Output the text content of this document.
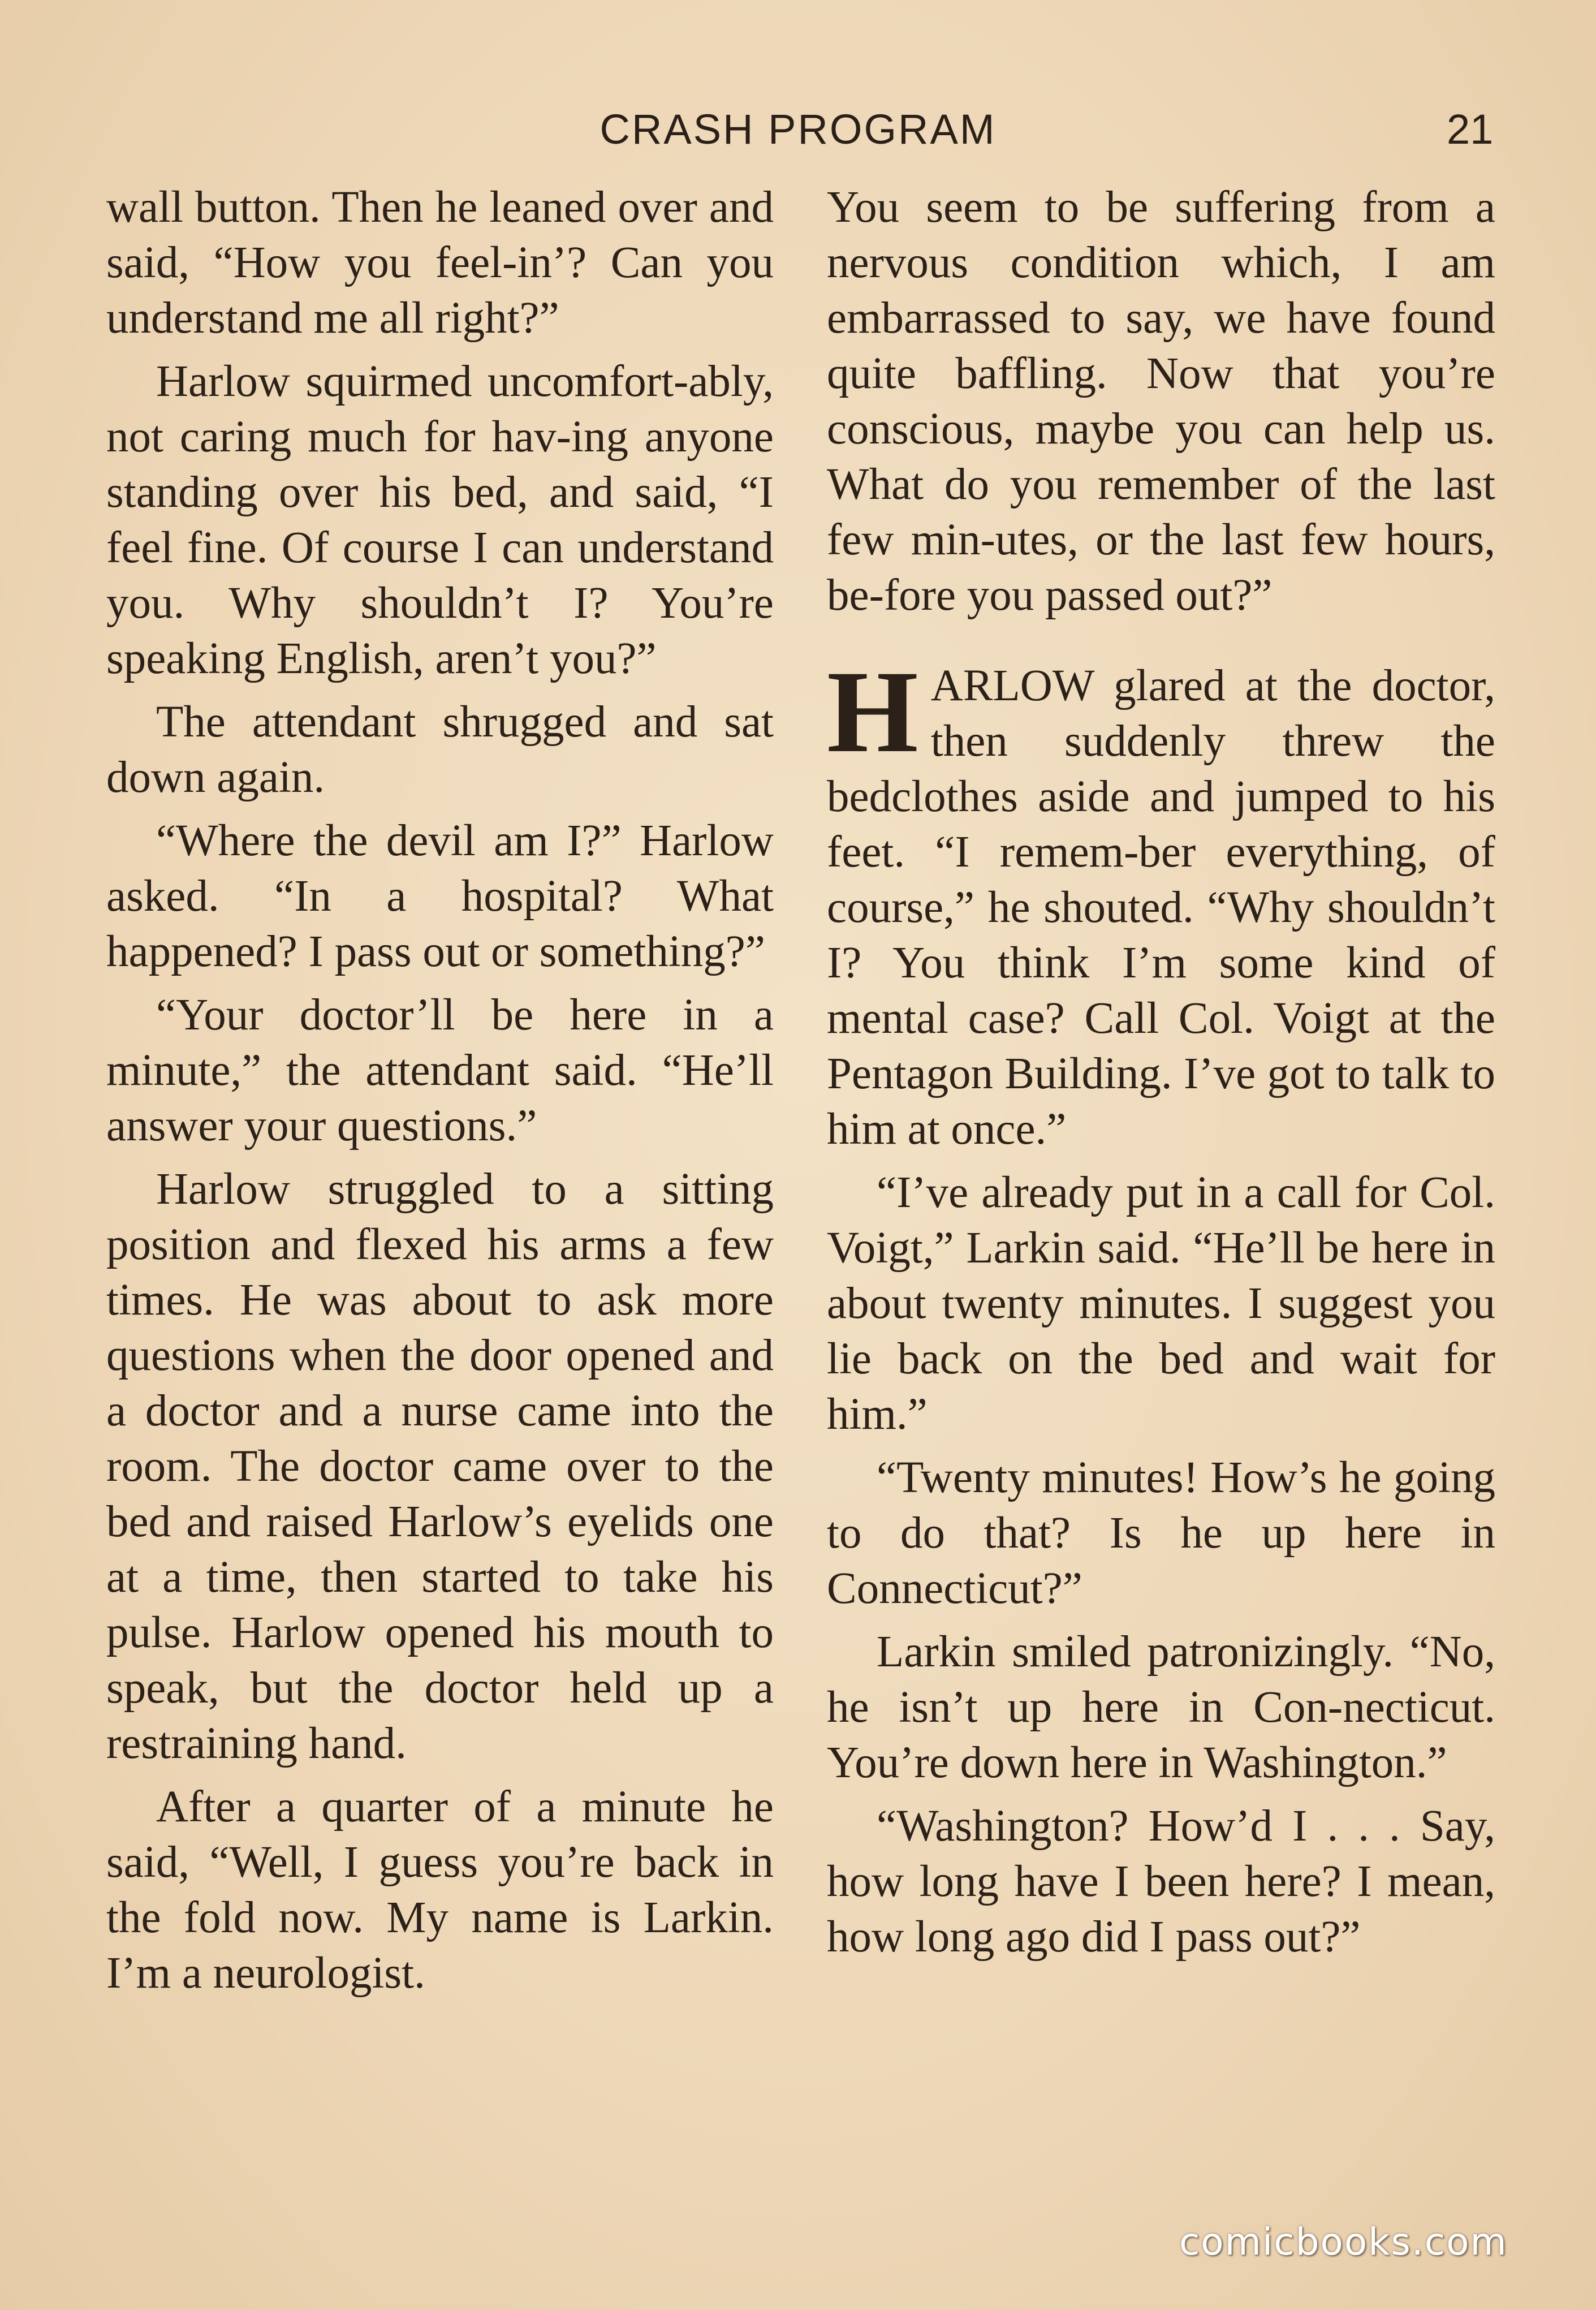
CRASH PROGRAM	21

wall button. Then he leaned over and said, “How you feel-in’? Can you understand me all right?”

Harlow squirmed uncomfort-ably, not caring much for hav-ing anyone standing over his bed, and said, “I feel fine. Of course I can understand you. Why shouldn’t I? You’re speaking English, aren’t you?”

The attendant shrugged and sat down again.

“Where the devil am I?” Harlow asked. “In a hospital? What happened? I pass out or something?”

“Your doctor’ll be here in a minute,” the attendant said. “He’ll answer your questions.”

Harlow struggled to a sitting position and flexed his arms a few times. He was about to ask more questions when the door opened and a doctor and a nurse came into the room. The doctor came over to the bed and raised Harlow’s eyelids one at a time, then started to take his pulse. Harlow opened his mouth to speak, but the doctor held up a restraining hand.

After a quarter of a minute he said, “Well, I guess you’re back in the fold now. My name is Larkin. I’m a neurologist.

You seem to be suffering from a nervous condition which, I am embarrassed to say, we have found quite baffling. Now that you’re conscious, maybe you can help us. What do you remember of the last few min-utes, or the last few hours, be-fore you passed out?”

HARLOW glared at the doctor, then suddenly threw the bedclothes aside and jumped to his feet. “I remem-ber everything, of course,” he shouted. “Why shouldn’t I? You think I’m some kind of mental case? Call Col. Voigt at the Pentagon Building. I’ve got to talk to him at once.”

“I’ve already put in a call for Col. Voigt,” Larkin said. “He’ll be here in about twenty minutes. I suggest you lie back on the bed and wait for him.”

“Twenty minutes! How’s he going to do that? Is he up here in Connecticut?”

Larkin smiled patronizingly. “No, he isn’t up here in Con-necticut. You’re down here in Washington.”

“Washington? How’d I . . . Say, how long have I been here? I mean, how long ago did I pass out?”

comicbooks.com
